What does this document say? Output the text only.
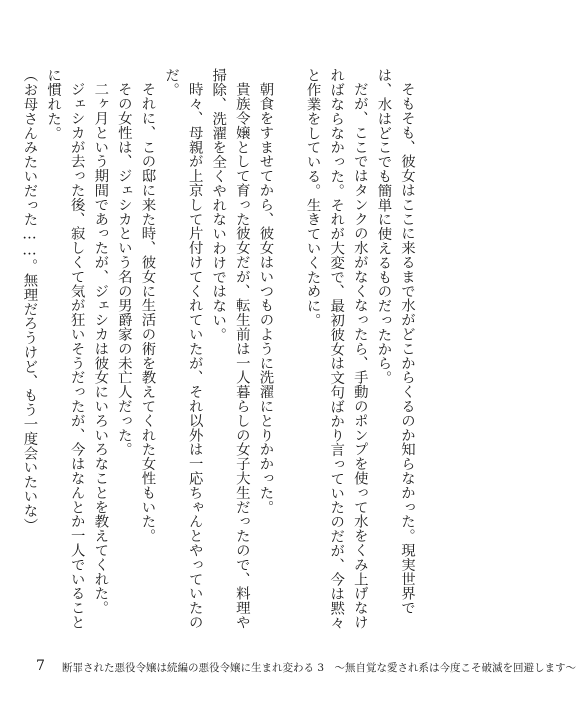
そもそも、彼女はここに来るまで水がどこからくるのか知らなかった。現実世界では、水はどこでも簡単に使えるものだったから。

だが、ここではタンクの水がなくなったら、手動のポンプを使って水をくみ上げなければならなかった。それが大変で、最初彼女は文句ばかり言っていたのだが、今は黙々と作業をしている。生きていくために。

朝食をすませてから、彼女はいつものように洗濯にとりかかった。

貴族令嬢として育った彼女だが、転生前は一人暮らしの女子大生だったので、料理や掃除、洗濯を全くやれないわけではない。

時々、母親が上京して片付けてくれていたが、それ以外は一応ちゃんとやっていたのだ。

それに、この邸に来た時、彼女に生活の術を教えてくれた女性もいた。

その女性は、ジェシカという名の男爵家の未亡人だった。

二ヶ月という期間であったが、ジェシカは彼女にいろいろなことを教えてくれた。

ジェシカが去った後、寂しくて気が狂いそうだったが、今はなんとか一人でいることに慣れた。

（お母さんみたいだった……。無理だろうけど、もう一度会いたいな）

7 断罪された悪役令嬢は続編の悪役令嬢に生まれ変わる 3　～無自覚な愛され系は今度こそ破滅を回避します～
